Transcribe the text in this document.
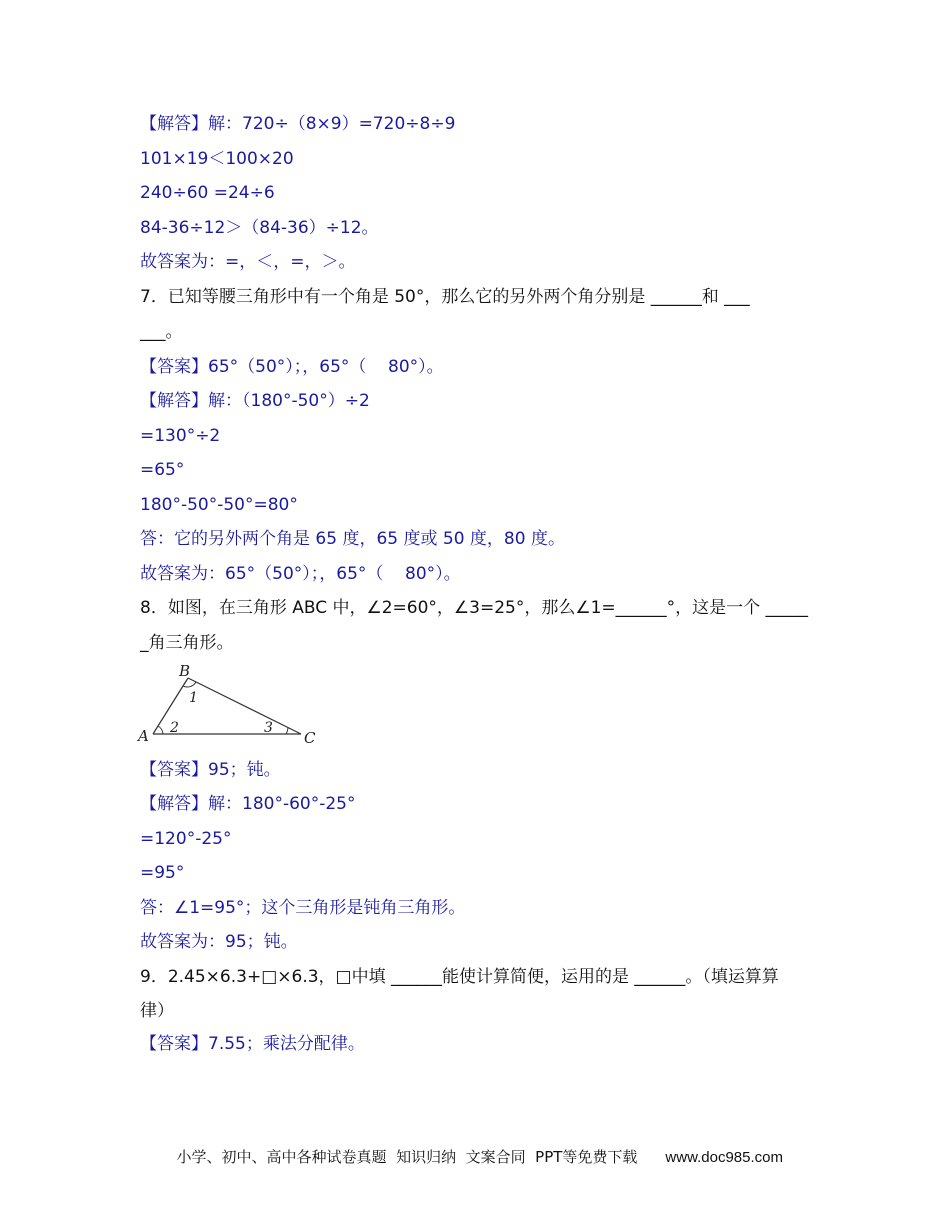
【解答】解：720÷（8×9）=720÷8÷9
101×19＜100×20
240÷60 =24÷6
84-36÷12＞（84-36）÷12。
故答案为：=，＜，=，＞。
7．已知等腰三角形中有一个角是 50°，那么它的另外两个角分别是 ______和 ___
___。
【答案】65°（50°）；，65°（    80°）。
【解答】解：（180°-50°）÷2
=130°÷2
=65°
180°-50°-50°=80°
答：它的另外两个角是 65 度，65 度或 50 度，80 度。
故答案为：65°（50°）；，65°（    80°）。
8．如图，在三角形 ABC 中，∠2=60°，∠3=25°，那么∠1=______°，这是一个 _____
_角三角形。
A
B
C
1
2	3
【答案】95；钝。
【解答】解：180°-60°-25°
=120°-25°
=95°
答：∠1=95°；这个三角形是钝角三角形。
故答案为：95；钝。
9．2.45×6.3+□×6.3，□中填 ______能使计算简便，运用的是 ______。（填运算算
律）
【答案】7.55；乘法分配律。

小学、初中、高中各种试卷真题  知识归纳  文案合同  PPT等免费下载 www.doc985.com
